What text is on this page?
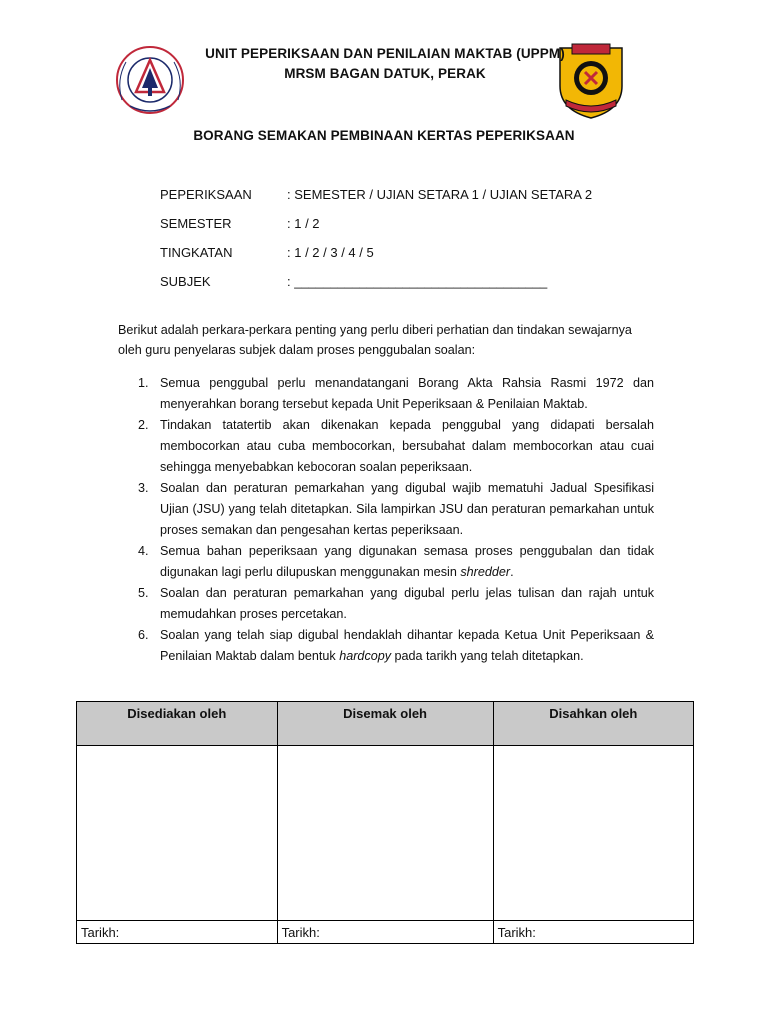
UNIT PEPERIKSAAN DAN PENILAIAN MAKTAB (UPPM)
MRSM BAGAN DATUK, PERAK
BORANG SEMAKAN PEMBINAAN KERTAS PEPERIKSAAN
PEPERIKSAAN	: SEMESTER / UJIAN SETARA 1 / UJIAN SETARA 2
SEMESTER	: 1 / 2
TINGKATAN	: 1 / 2 / 3 / 4 / 5
SUBJEK	: ___________________________________
Berikut adalah perkara-perkara penting yang perlu diberi perhatian dan tindakan sewajarnya oleh guru penyelaras subjek dalam proses penggubalan soalan:
1. Semua penggubal perlu menandatangani Borang Akta Rahsia Rasmi 1972 dan menyerahkan borang tersebut kepada Unit Peperiksaan & Penilaian Maktab.
2. Tindakan tatatertib akan dikenakan kepada penggubal yang didapati bersalah membocorkan atau cuba membocorkan, bersubahat dalam membocorkan atau cuai sehingga menyebabkan kebocoran soalan peperiksaan.
3. Soalan dan peraturan pemarkahan yang digubal wajib mematuhi Jadual Spesifikasi Ujian (JSU) yang telah ditetapkan. Sila lampirkan JSU dan peraturan pemarkahan untuk proses semakan dan pengesahan kertas peperiksaan.
4. Semua bahan peperiksaan yang digunakan semasa proses penggubalan dan tidak digunakan lagi perlu dilupuskan menggunakan mesin shredder.
5. Soalan dan peraturan pemarkahan yang digubal perlu jelas tulisan dan rajah untuk memudahkan proses percetakan.
6. Soalan yang telah siap digubal hendaklah dihantar kepada Ketua Unit Peperiksaan & Penilaian Maktab dalam bentuk hardcopy pada tarikh yang telah ditetapkan.
Disediakan oleh	Disemak oleh	Disahkan oleh

Tarikh:	Tarikh:	Tarikh:
